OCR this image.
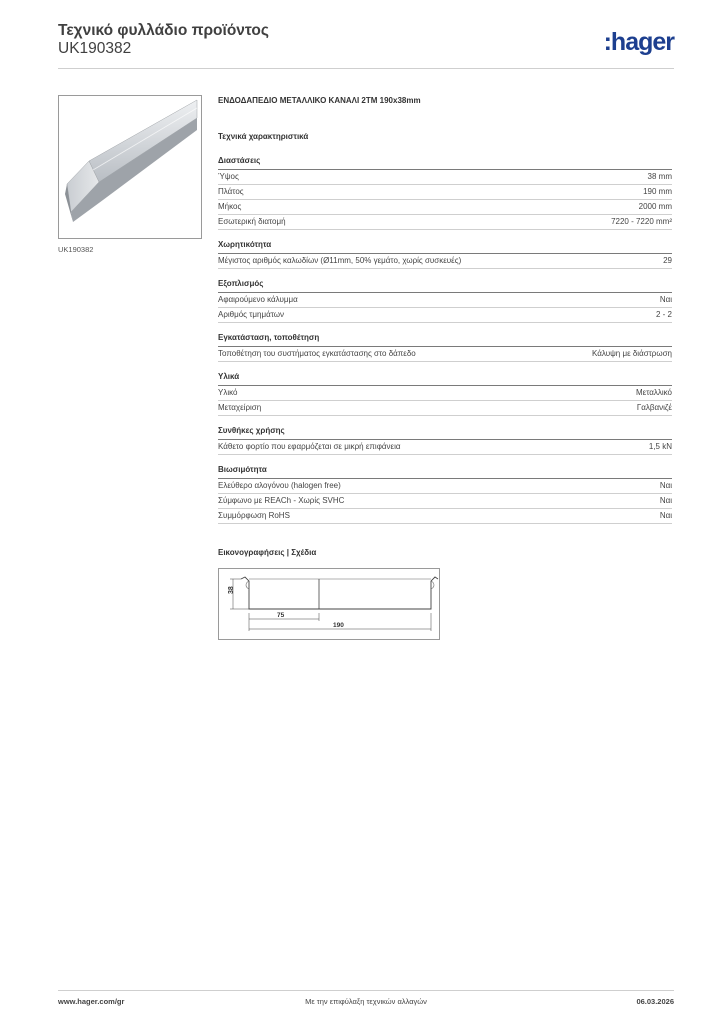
Τεχνικό φυλλάδιο προϊόντος
UK190382	:hager
UK190382
ΕΝΔΟΔΑΠΕΔΙΟ ΜΕΤΑΛΛΙΚΟ ΚΑΝΑΛΙ 2ΤΜ 190x38mm
Τεχνικά χαρακτηριστικά
Διαστάσεις
Ύψος	38 mm
Πλάτος	190 mm
Μήκος	2000 mm
Εσωτερική διατομή	7220 - 7220 mm²
Χωρητικότητα
Μέγιστος αριθμός καλωδίων (Ø11mm, 50% γεμάτο, χωρίς συσκευές)	29
Εξοπλισμός
Αφαιρούμενο κάλυμμα	Ναι
Αριθμός τμημάτων	2 - 2
Εγκατάσταση, τοποθέτηση
Τοποθέτηση του συστήματος εγκατάστασης στο δάπεδο	Κάλυψη με διάστρωση
Υλικά
Υλικό	Μεταλλικό
Μεταχείριση	Γαλβανιζέ
Συνθήκες χρήσης
Κάθετο φορτίο που εφαρμόζεται σε μικρή επιφάνεια	1,5 kN
Βιωσιμότητα
Ελεύθερο αλογόνου (halogen free)	Ναι
Σύμφωνο με REACh - Χωρίς SVHC	Ναι
Συμμόρφωση RoHS	Ναι
Εικονογραφήσεις | Σχέδια
38
75
190
www.hager.com/gr	Με την επιφύλαξη τεχνικών αλλαγών	06.03.2026
